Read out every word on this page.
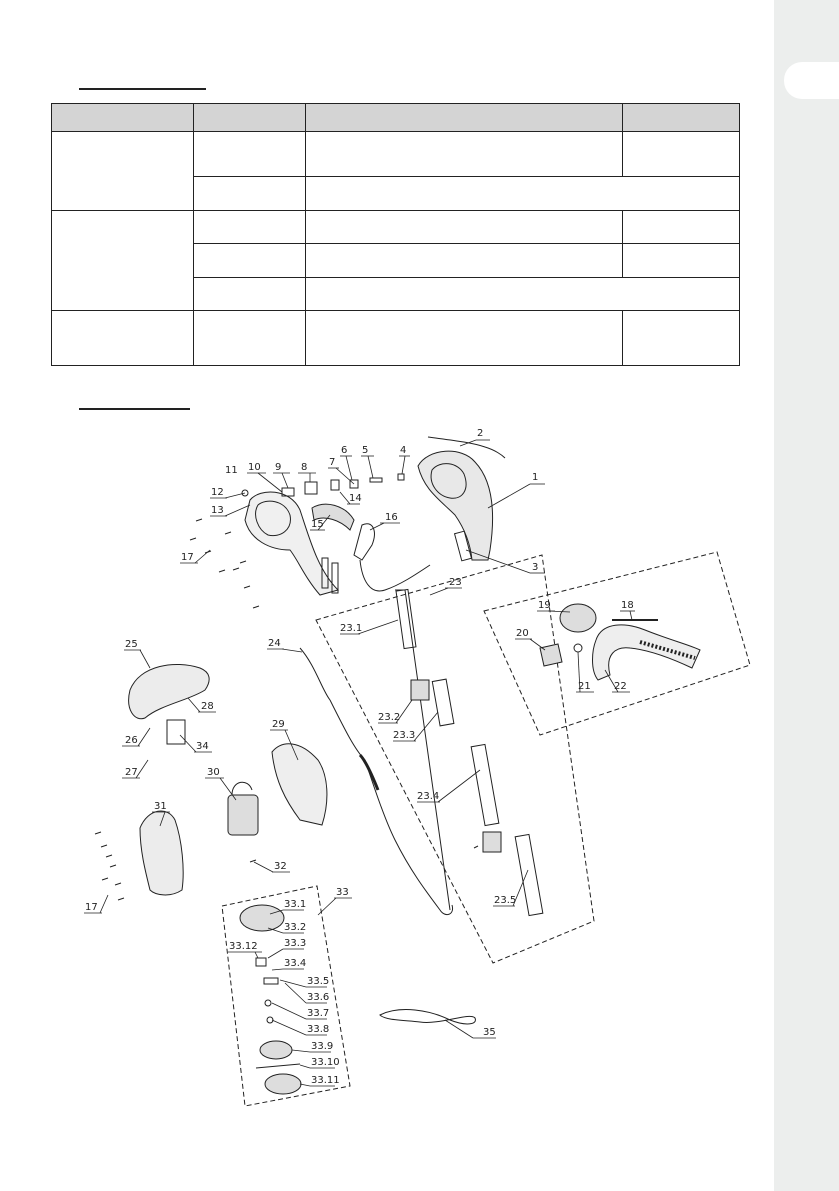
1
2
3
4
5
6
7
8
9
10
11
12
13
14
15
16
17
17
18
19
20
21 22
23
23.1
23.2
23.3
23.4
23.5
24
25
26
27
28
29
30
31
32
33
33.1
33.2
33.3
33.4
33.5
33.6
33.7
33.8
33.9
33.10
33.11
33.12
34
35
